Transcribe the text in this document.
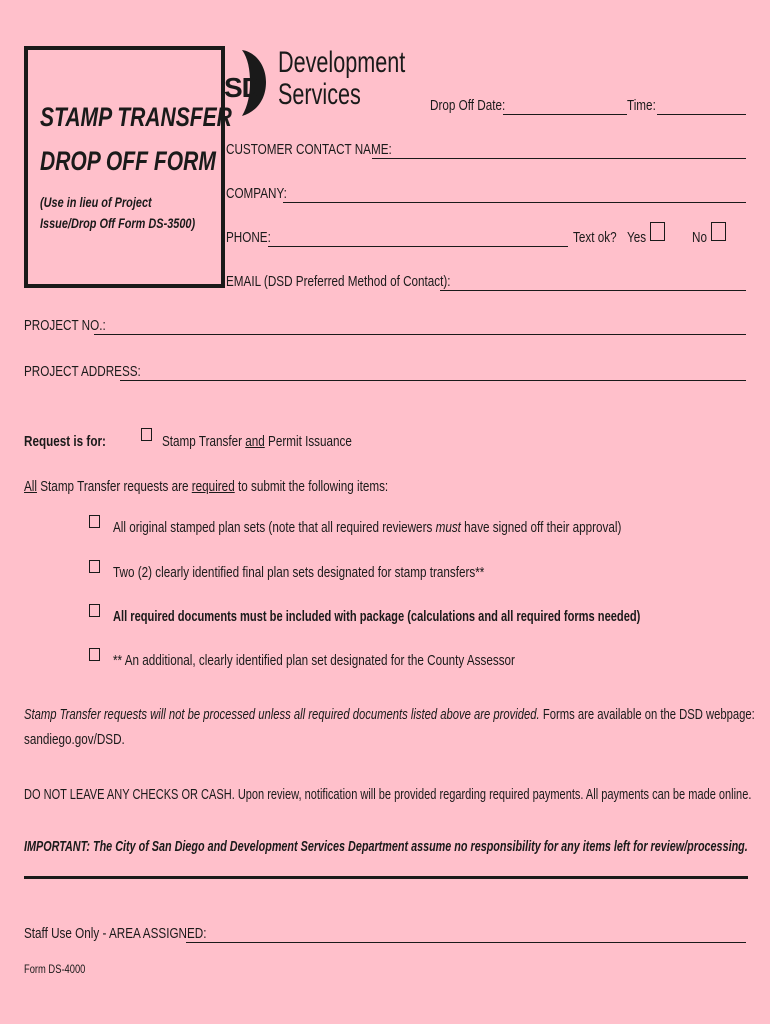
STAMP TRANSFER
DROP OFF FORM
(Use in lieu of Project
Issue/Drop Off Form DS-3500)
SD
Development
Services	Drop Off Date:	Time:
CUSTOMER CONTACT NAME:
COMPANY:
PHONE:	Text ok? Yes	No
EMAIL (DSD Preferred Method of Contact):
PROJECT NO.:
PROJECT ADDRESS:
Request is for:	Stamp Transfer and Permit Issuance
All Stamp Transfer requests are required to submit the following items:
All original stamped plan sets (note that all required reviewers must have signed off their approval)
Two (2) clearly identified final plan sets designated for stamp transfers**
All required documents must be included with package (calculations and all required forms needed)
** An additional, clearly identified plan set designated for the County Assessor
Stamp Transfer requests will not be processed unless all required documents listed above are provided. Forms are available on the DSD webpage:
sandiego.gov/DSD.
DO NOT LEAVE ANY CHECKS OR CASH. Upon review, notification will be provided regarding required payments. All payments can be made online.
IMPORTANT: The City of San Diego and Development Services Department assume no responsibility for any items left for review/processing.
Staff Use Only - AREA ASSIGNED:
Form DS-4000
